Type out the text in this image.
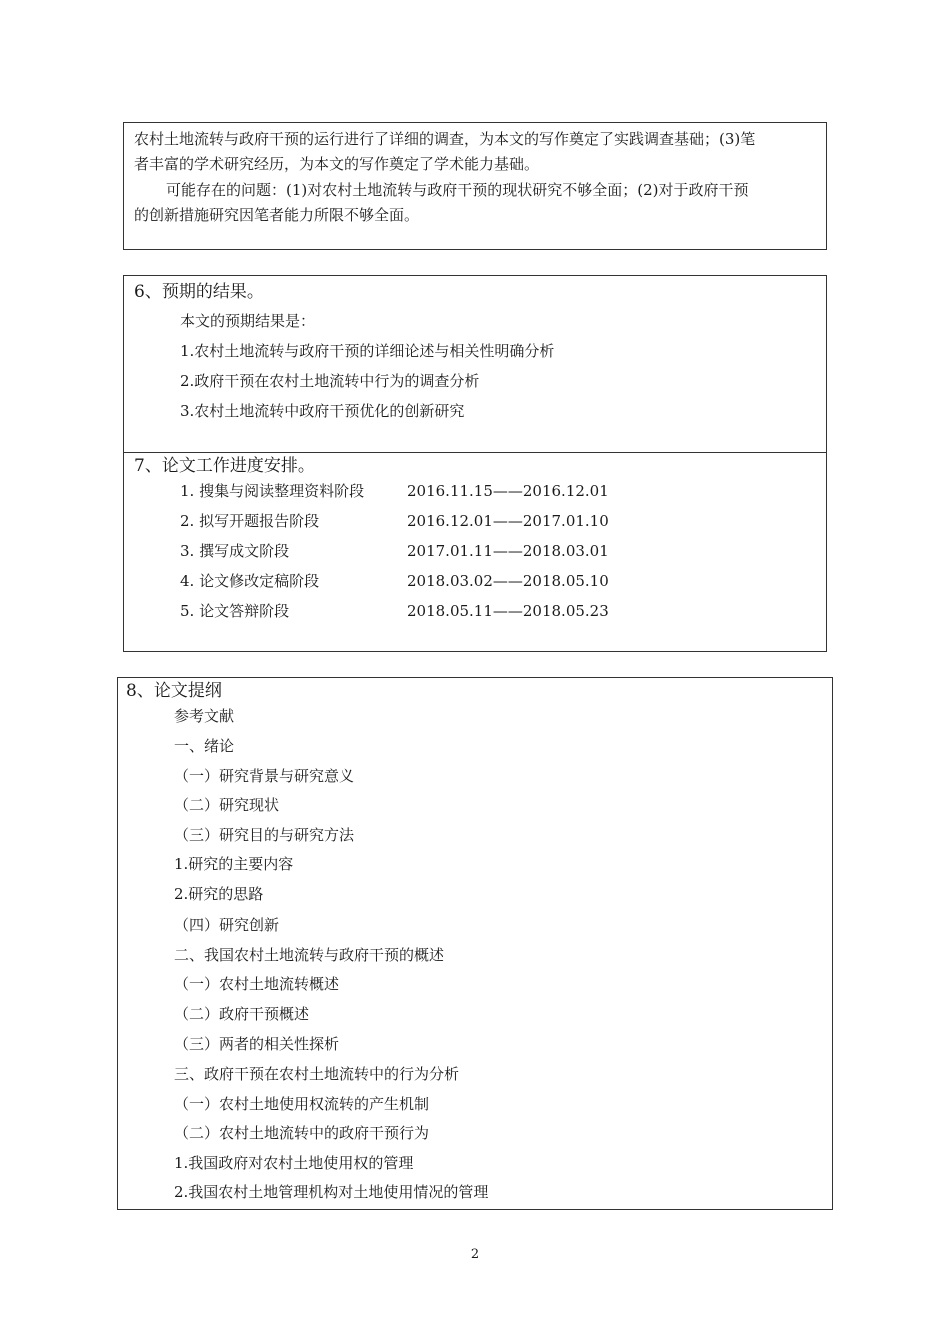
农村土地流转与政府干预的运行进行了详细的调查，为本文的写作奠定了实践调查基础；(3)笔
者丰富的学术研究经历，为本文的写作奠定了学术能力基础。
可能存在的问题：(1)对农村土地流转与政府干预的现状研究不够全面；(2)对于政府干预
的创新措施研究因笔者能力所限不够全面。
6、预期的结果。
本文的预期结果是：
1.农村土地流转与政府干预的详细论述与相关性明确分析
2.政府干预在农村土地流转中行为的调查分析
3.农村土地流转中政府干预优化的创新研究
7、论文工作进度安排。
1. 搜集与阅读整理资料阶段	2016.11.15——2016.12.01
2. 拟写开题报告阶段	2016.12.01——2017.01.10
3. 撰写成文阶段	2017.01.11——2018.03.01
4. 论文修改定稿阶段	2018.03.02——2018.05.10
5. 论文答辩阶段	2018.05.11——2018.05.23
8、论文提纲
参考文献
一、绪论
（一）研究背景与研究意义
（二）研究现状
（三）研究目的与研究方法
1.研究的主要内容
2.研究的思路
（四）研究创新
二、我国农村土地流转与政府干预的概述
（一）农村土地流转概述
（二）政府干预概述
（三）两者的相关性探析
三、政府干预在农村土地流转中的行为分析
（一）农村土地使用权流转的产生机制
（二）农村土地流转中的政府干预行为
1.我国政府对农村土地使用权的管理
2.我国农村土地管理机构对土地使用情况的管理
2
